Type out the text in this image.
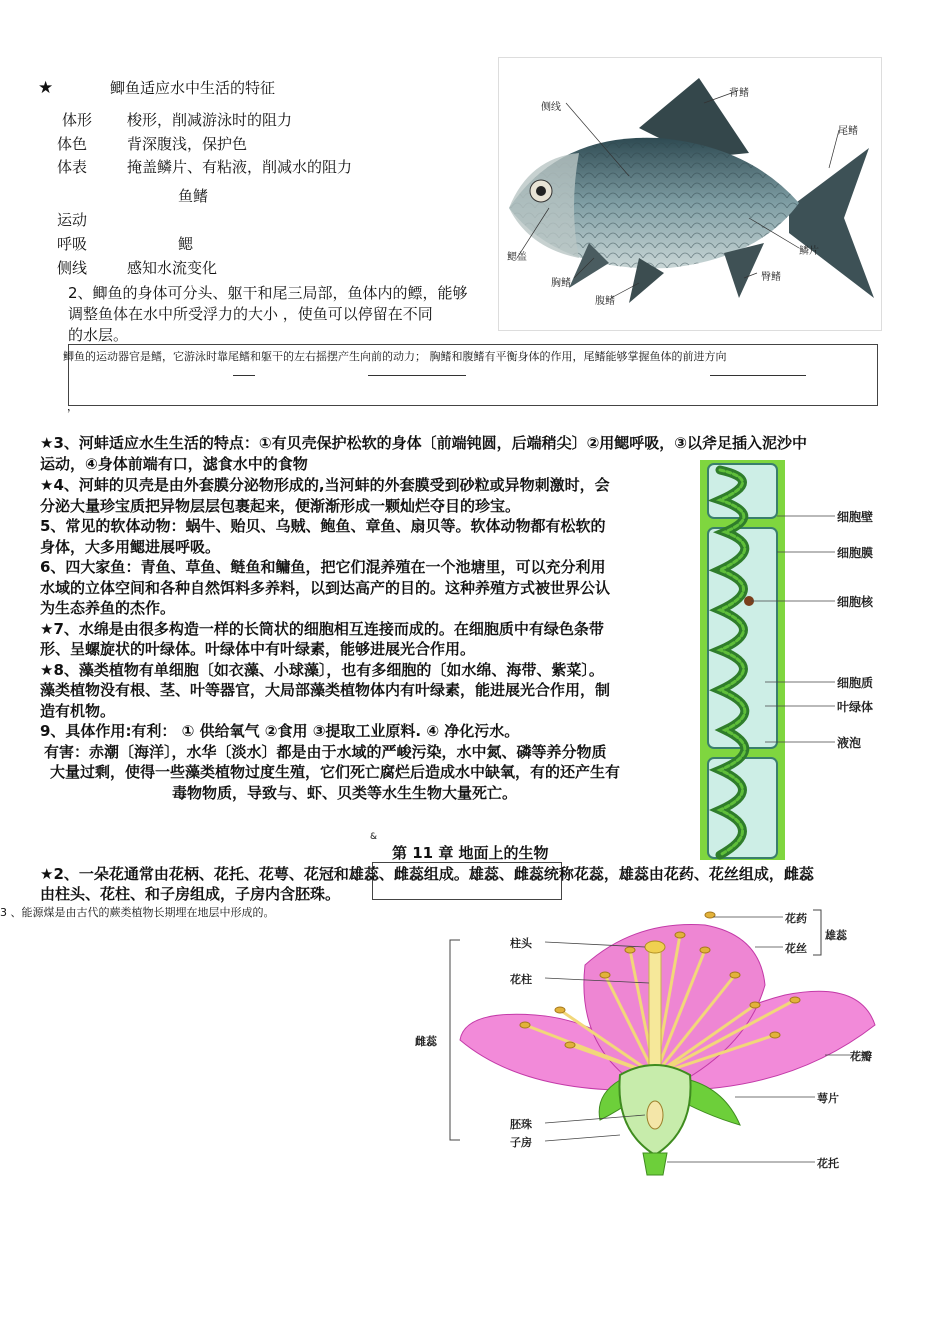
★	鲫鱼适应水中生活的特征
体形 梭形，削减游泳时的阻力
体色	背深腹浅，保护色
体表	掩盖鳞片、有粘液，削减水的阻力
鱼鳍
运动
呼吸	鳃
侧线	感知水流变化
2、鲫鱼的身体可分头、躯干和尾三局部，鱼体内的鳔，能够
调整鱼体在水中所受浮力的大小 ，使鱼可以停留在不同
的水层。
鲫鱼的运动器官是鳍，它游泳时靠尾鳍和躯干的左右摇摆产生向前的动力； 胸鳍和腹鳍有平衡身体的作用，尾鳍能够掌握鱼体的前进方向
，
侧线
背鳍
尾鳍
鳃盖
胸鳍
腹鳍
鳞片
臀鳍
★3、河蚌适应水生生活的特点：①有贝壳保护松软的身体〔前端钝圆，后端稍尖〕②用鳃呼吸，③以斧足插入泥沙中
运动，④身体前端有口，滤食水中的食物
★4、河蚌的贝壳是由外套膜分泌物形成的,当河蚌的外套膜受到砂粒或异物刺激时，会
分泌大量珍宝质把异物层层包裹起来，便渐渐形成一颗灿烂夺目的珍宝。
5、常见的软体动物：蜗牛、贻贝、乌贼、鲍鱼、章鱼、扇贝等。软体动物都有松软的
身体，大多用鳃进展呼吸。
6、四大家鱼：青鱼、草鱼、鲢鱼和鳙鱼，把它们混养殖在一个池塘里，可以充分利用
水域的立体空间和各种自然饵料多养料，以到达高产的目的。这种养殖方式被世界公认
为生态养鱼的杰作。
★7、水绵是由很多构造一样的长筒状的细胞相互连接而成的。在细胞质中有绿色条带
形、呈螺旋状的叶绿体。叶绿体中有叶绿素，能够进展光合作用。
★8、藻类植物有单细胞〔如衣藻、小球藻〕，也有多细胞的〔如水绵、海带、紫菜〕。
藻类植物没有根、茎、叶等器官，大局部藻类植物体内有叶绿素，能进展光合作用，制
造有机物。
9、具体作用:有利： ① 供给氧气 ②食用 ③提取工业原料. ④ 净化污水。
有害：赤潮〔海洋〕，水华〔淡水〕都是由于水域的严峻污染，水中氮、磷等养分物质
大量过剩，使得一些藻类植物过度生殖，它们死亡腐烂后造成水中缺氧，有的还产生有
毒物物质，导致与、虾、贝类等水生生物大量死亡。
细胞壁
细胞膜
细胞核
细胞质
叶绿体
液泡
&
第 11 章 地面上的生物
★2、一朵花通常由花柄、花托、花萼、花冠和雄蕊、雌蕊组成。雄蕊、雌蕊统称花蕊，雄蕊由花药、花丝组成，雌蕊
由柱头、花柱、和子房组成，子房内含胚珠。
3 、能源煤是由古代的蕨类植物长期埋在地层中形成的。	花药
花丝
雄蕊
柱头
花柱
雌蕊
花瓣
萼片
胚珠
子房
花托
